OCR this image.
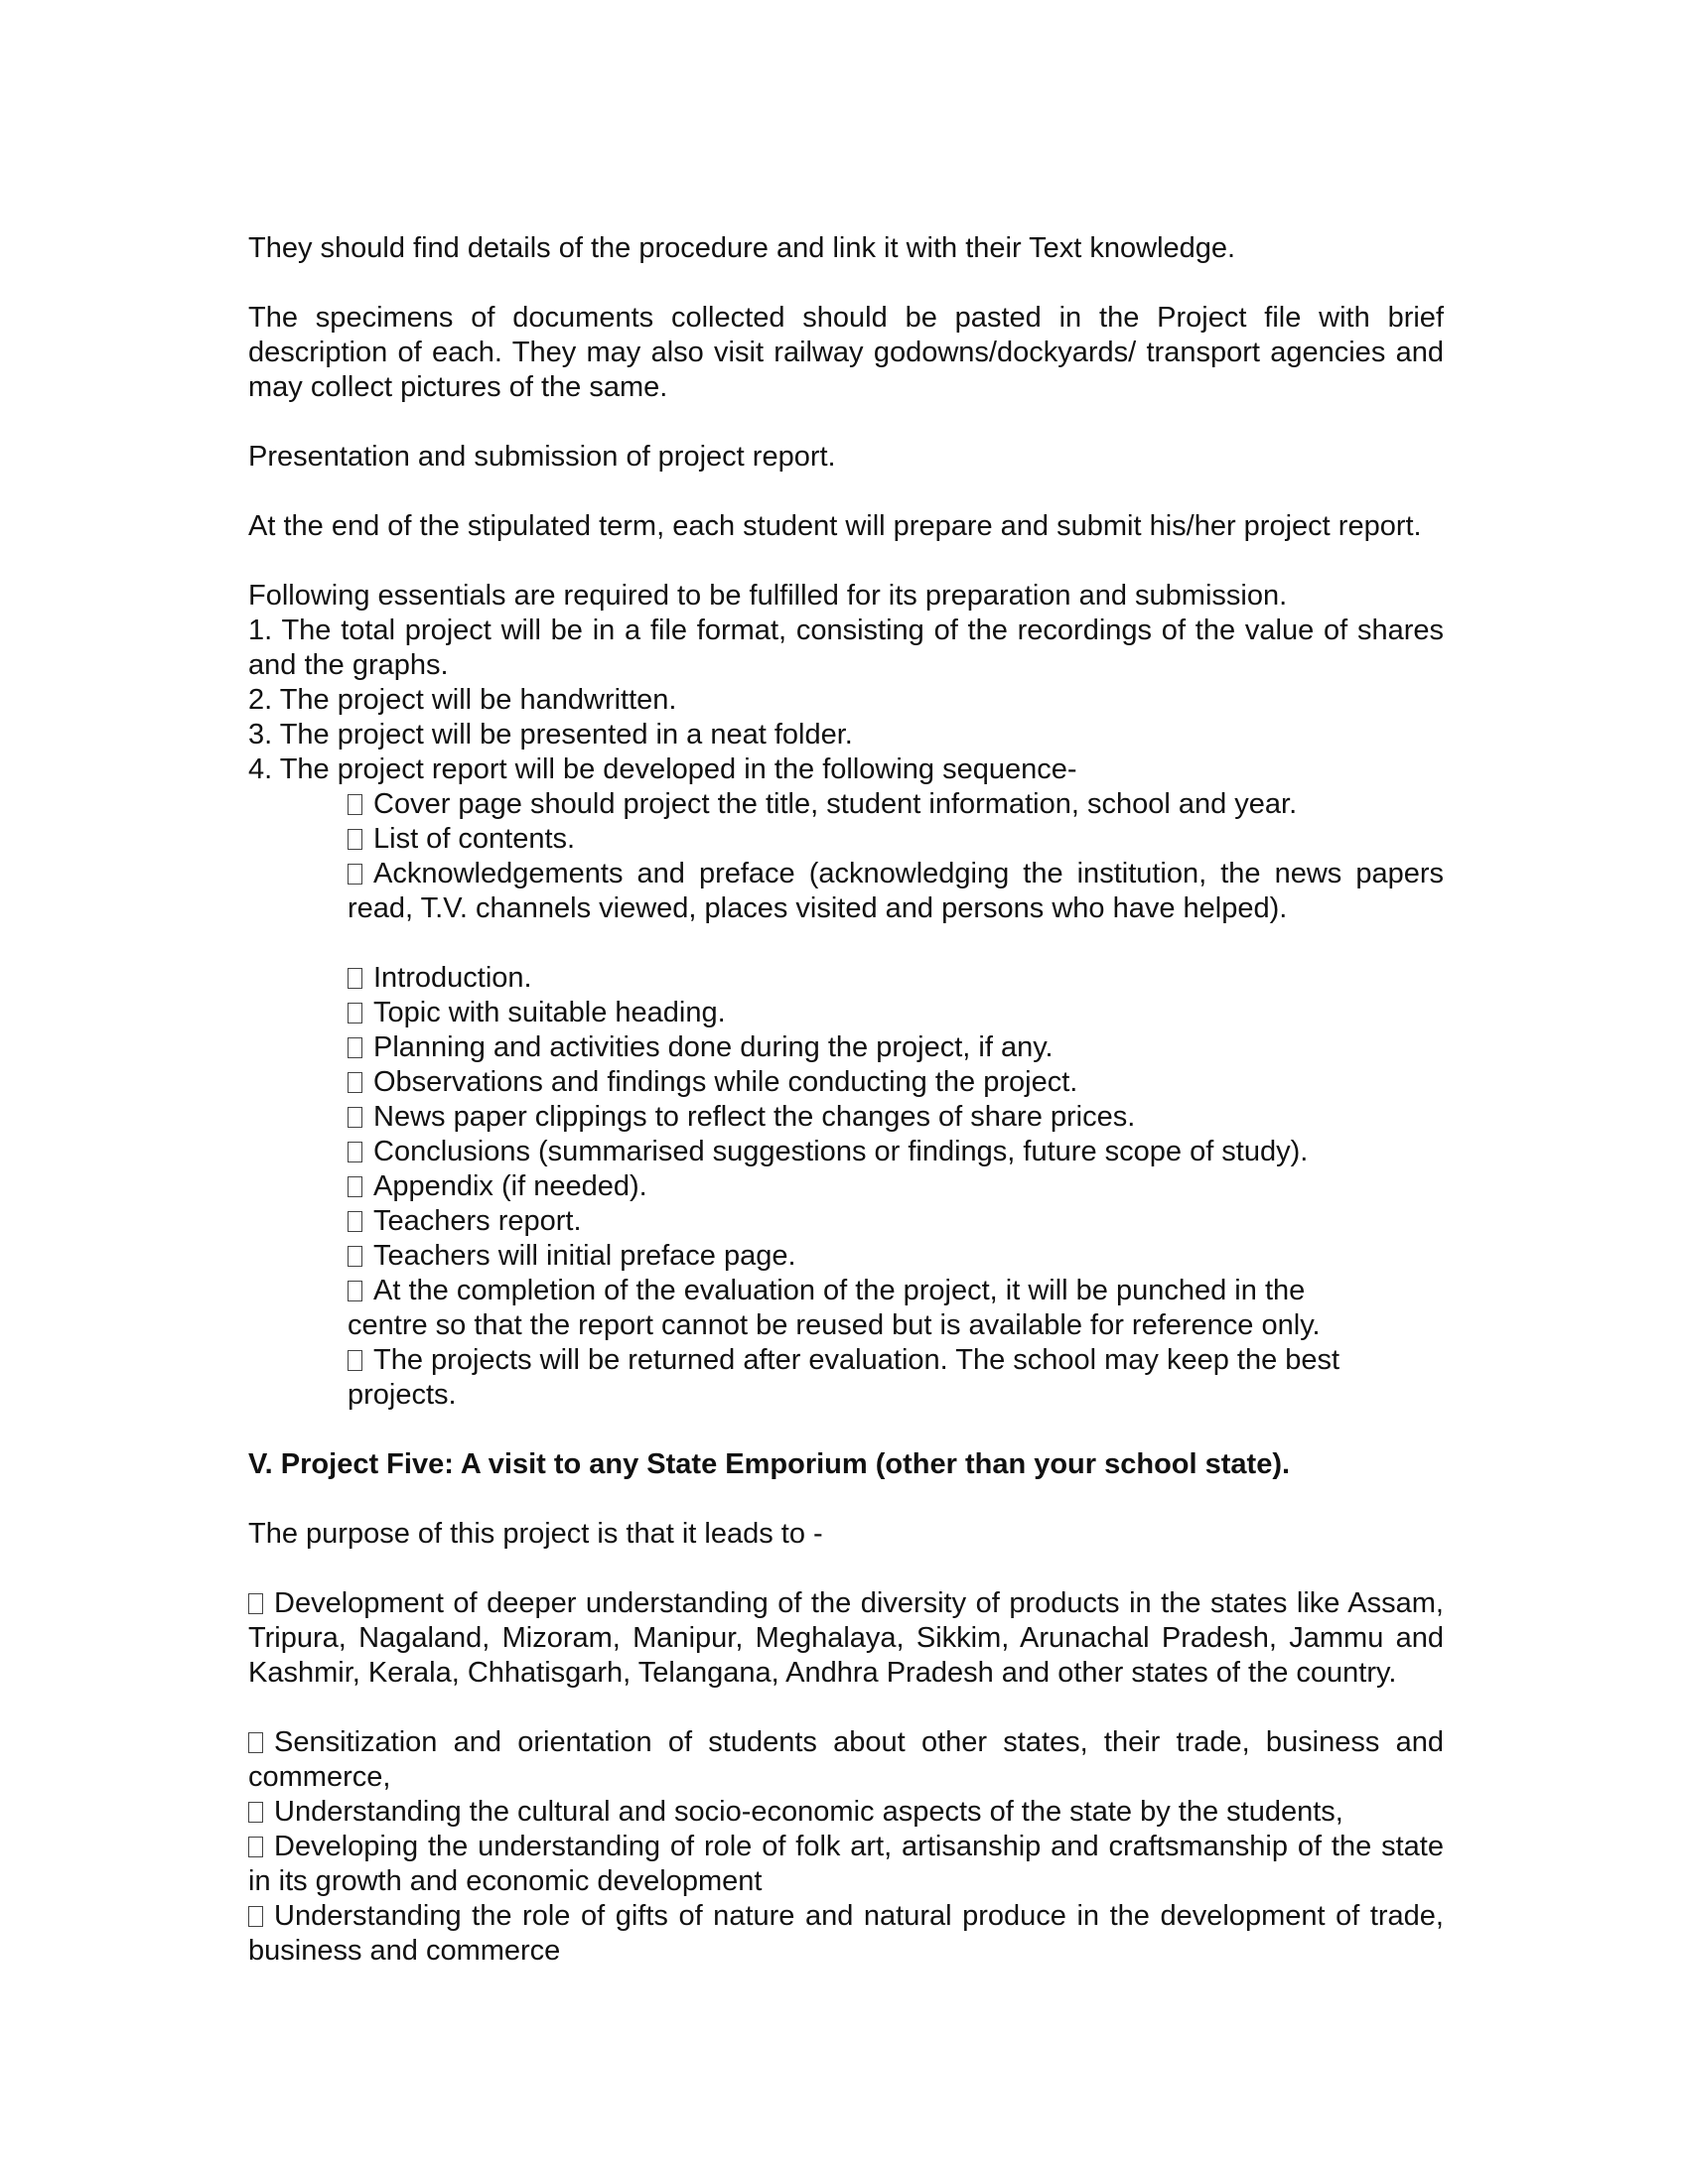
They should find details of the procedure and link it with their Text knowledge.

The specimens of documents collected should be pasted in the Project file with brief description of each. They may also visit railway godowns/dockyards/ transport agencies and may collect pictures of the same.

Presentation and submission of project report.

At the end of the stipulated term, each student will prepare and submit his/her project report.

Following essentials are required to be fulfilled for its preparation and submission.

1. The total project will be in a file format, consisting of the recordings of the value of shares and the graphs.

2. The project will be handwritten.

3. The project will be presented in a neat folder.

4. The project report will be developed in the following sequence-

Cover page should project the title, student information, school and year.

List of contents.

Acknowledgements and preface (acknowledging the institution, the news papers read, T.V. channels viewed, places visited and persons who have helped).

Introduction.

Topic with suitable heading.

Planning and activities done during the project, if any.

Observations and findings while conducting the project.

News paper clippings to reflect the changes of share prices.

Conclusions (summarised suggestions or findings, future scope of study).

Appendix (if needed).

Teachers report.

Teachers will initial preface page.

At the completion of the evaluation of the project, it will be punched in the centre so that the report cannot be reused but is available for reference only.

The projects will be returned after evaluation. The school may keep the best projects.

V. Project Five: A visit to any State Emporium (other than your school state).

The purpose of this project is that it leads to -

Development of deeper understanding of the diversity of products in the states like Assam, Tripura, Nagaland, Mizoram, Manipur, Meghalaya, Sikkim, Arunachal Pradesh, Jammu and Kashmir, Kerala, Chhatisgarh, Telangana, Andhra Pradesh and other states of the country.

Sensitization and orientation of students about other states, their trade, business and commerce,

Understanding the cultural and socio-economic aspects of the state by the students,

Developing the understanding of role of folk art, artisanship and craftsmanship of the state in its growth and economic development

Understanding the role of gifts of nature and natural produce in the development of trade, business and commerce
